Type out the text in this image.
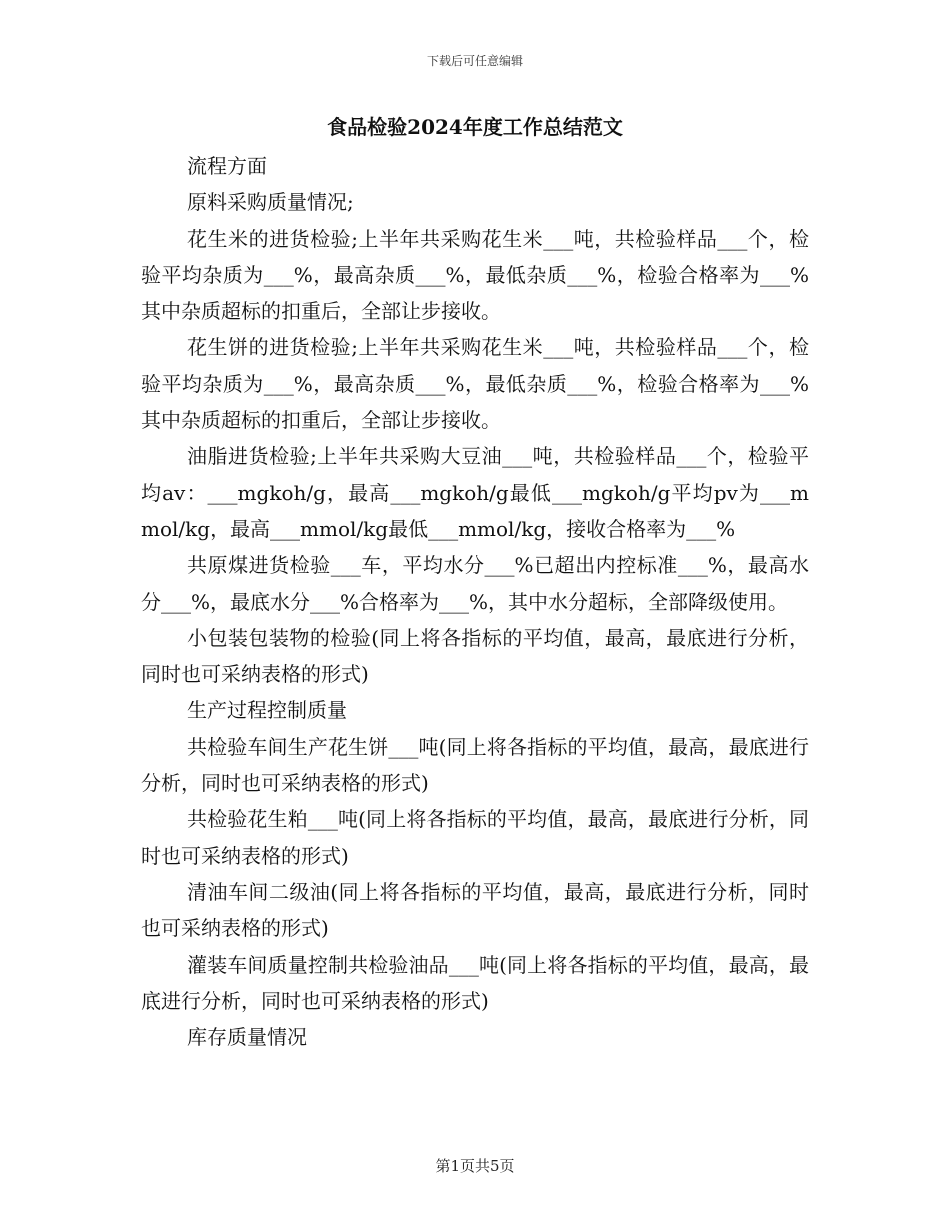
下载后可任意编辑
食品检验2024年度工作总结范文

流程方面

原料采购质量情况;

花生米的进货检验;上半年共采购花生米___吨，共检验样品___个，检验平均杂质为___%，最高杂质___%，最低杂质___%，检验合格率为___%其中杂质超标的扣重后，全部让步接收。

花生饼的进货检验;上半年共采购花生米___吨，共检验样品___个，检验平均杂质为___%，最高杂质___%，最低杂质___%，检验合格率为___%其中杂质超标的扣重后，全部让步接收。

油脂进货检验;上半年共采购大豆油___吨，共检验样品___个，检验平均av：___mgkoh/g，最高___mgkoh/g最低___mgkoh/g平均pv为___mmol/kg，最高___mmol/kg最低___mmol/kg，接收合格率为___%

共原煤进货检验___车，平均水分___%已超出内控标准___%，最高水分___%，最底水分___%合格率为___%，其中水分超标，全部降级使用。

小包装包装物的检验(同上将各指标的平均值，最高，最底进行分析，同时也可采纳表格的形式)

生产过程控制质量

共检验车间生产花生饼___吨(同上将各指标的平均值，最高，最底进行分析，同时也可采纳表格的形式)

共检验花生粕___吨(同上将各指标的平均值，最高，最底进行分析，同时也可采纳表格的形式)

清油车间二级油(同上将各指标的平均值，最高，最底进行分析，同时也可采纳表格的形式)

灌装车间质量控制共检验油品___吨(同上将各指标的平均值，最高，最底进行分析，同时也可采纳表格的形式)

库存质量情况

第1页共5页
